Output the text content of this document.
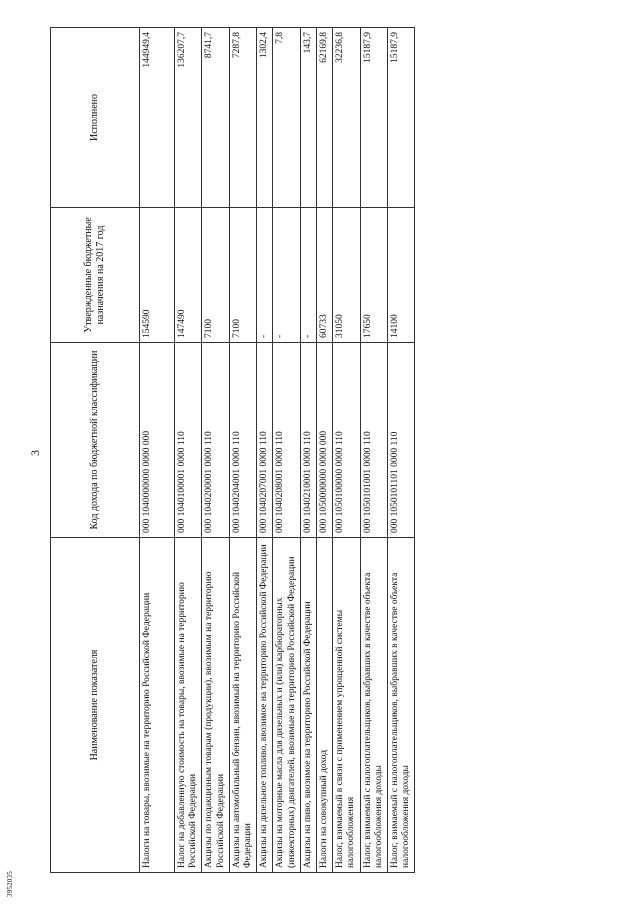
3952035
3
Наименование показателя	Код дохода по бюджетной классификации	Утвержденные бюджетные назначения на 2017 год	Исполнено
Налоги на товары, ввозимые на территорию Российской Федерации	000 1040000000 0000 000	154590	144949,4
Налог на добавленную стоимость на товары, ввозимые на территорию Российской Федерации	000 1040100001 0000 110	147490	136207,7
Акцизы по подакцизным товарам (продукции), ввозимым на территорию Российской Федерации	000 1040200001 0000 110	7100	8741,7
Акцизы на автомобильный бензин, ввозимый на территорию Российской Федерации	000 1040204001 0000 110	7100	7287,8
Акцизы на дизельное топливо, ввозимое на территорию Российской Федерации	000 1040207001 0000 110	-	1302,4
Акцизы на моторные масла для дизельных и (или) карбюраторных (инжекторных) двигателей, ввозимые на территорию Российской Федерации	000 1040208001 0000 110	-	7,8
Акцизы на пиво, ввозимое на территорию Российской Федерации	000 1040210001 0000 110	-	143,7
Налоги на совокупный доход	000 1050000000 0000 000	60733	62169,8
Налог, взимаемый в связи с применением упрощенной системы налогообложения	000 1050100000 0000 110	31050	32236,8
Налог, взимаемый с налогоплательщиков, выбравших в качестве объекта налогообложения доходы	000 1050101001 0000 110	17650	15187,9
Налог, взимаемый с налогоплательщиков, выбравших в качестве объекта налогообложения доходы	000 1050101101 0000 110	14100	15187,9
